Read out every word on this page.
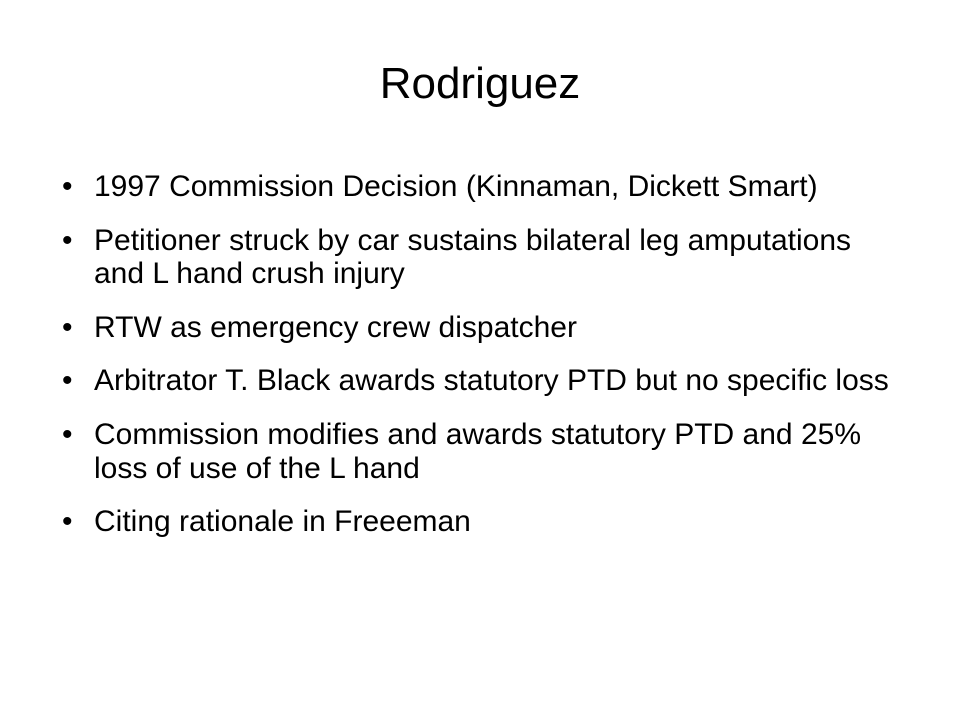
Rodriguez
• 1997 Commission Decision (Kinnaman, Dickett Smart)
• Petitioner struck by car sustains bilateral leg amputations and L hand crush injury
• RTW as emergency crew dispatcher
• Arbitrator T. Black awards statutory PTD but no specific loss
• Commission modifies and awards statutory PTD and 25% loss of use of the L hand
• Citing rationale in Freeeman
